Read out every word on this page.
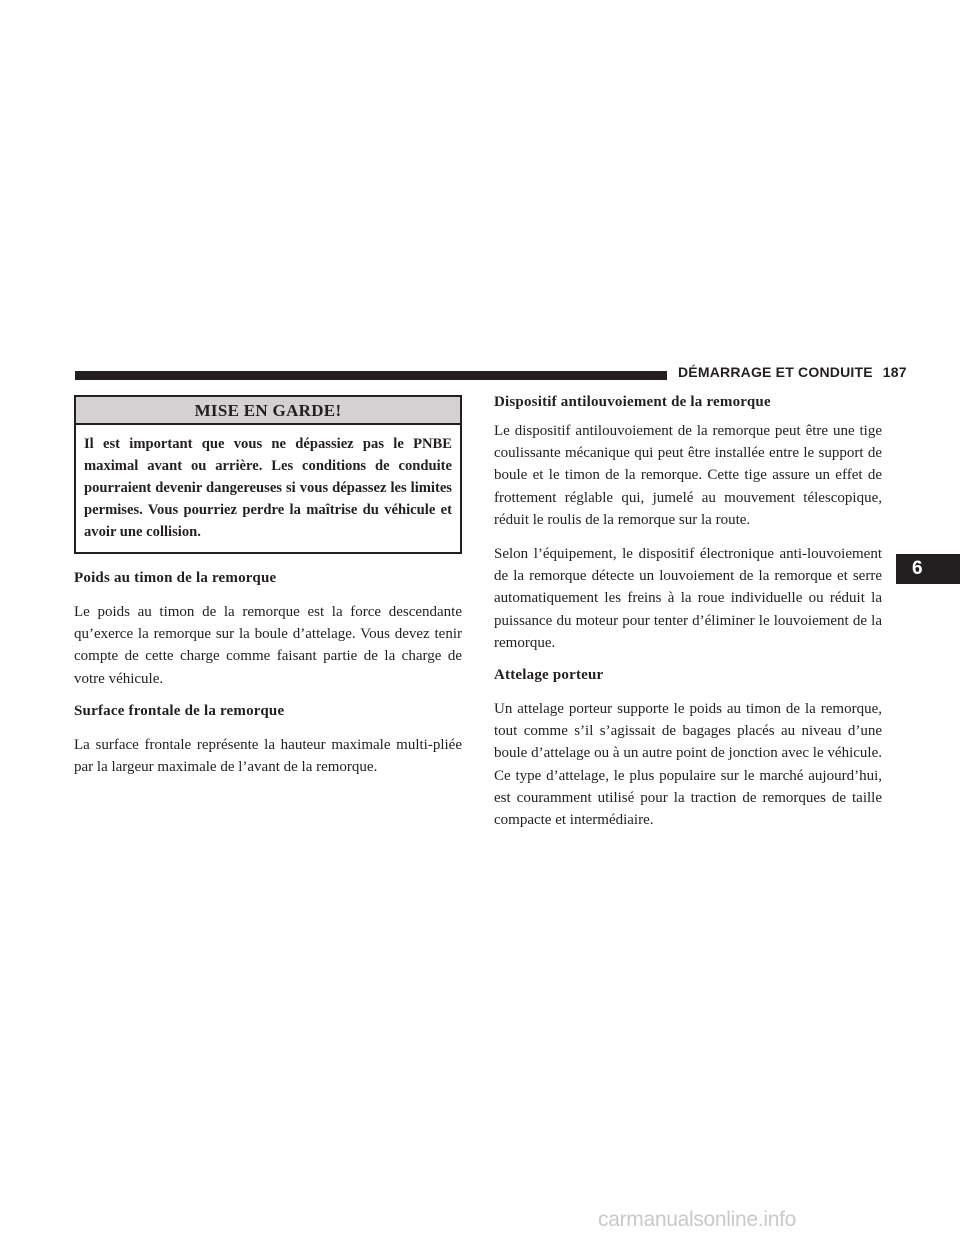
DÉMARRAGE ET CONDUITE 187
6
MISE EN GARDE!
Il est important que vous ne dépassiez pas le PNBE maximal avant ou arrière. Les conditions de conduite pourraient devenir dangereuses si vous dépassez les limites permises. Vous pourriez perdre la maîtrise du véhicule et avoir une collision.
Poids au timon de la remorque

Le poids au timon de la remorque est la force descendante qu’exerce la remorque sur la boule d’attelage. Vous devez tenir compte de cette charge comme faisant partie de la charge de votre véhicule.

Surface frontale de la remorque

La surface frontale représente la hauteur maximale multi-pliée par la largeur maximale de l’avant de la remorque.

Dispositif antilouvoiement de la remorque

Le dispositif antilouvoiement de la remorque peut être une tige coulissante mécanique qui peut être installée entre le support de boule et le timon de la remorque. Cette tige assure un effet de frottement réglable qui, jumelé au mouvement télescopique, réduit le roulis de la remorque sur la route.

Selon l’équipement, le dispositif électronique anti-louvoiement de la remorque détecte un louvoiement de la remorque et serre automatiquement les freins à la roue individuelle ou réduit la puissance du moteur pour tenter d’éliminer le louvoiement de la remorque.

Attelage porteur

Un attelage porteur supporte le poids au timon de la remorque, tout comme s’il s’agissait de bagages placés au niveau d’une boule d’attelage ou à un autre point de jonction avec le véhicule. Ce type d’attelage, le plus populaire sur le marché aujourd’hui, est couramment utilisé pour la traction de remorques de taille compacte et intermédiaire.

carmanualsonline.info
